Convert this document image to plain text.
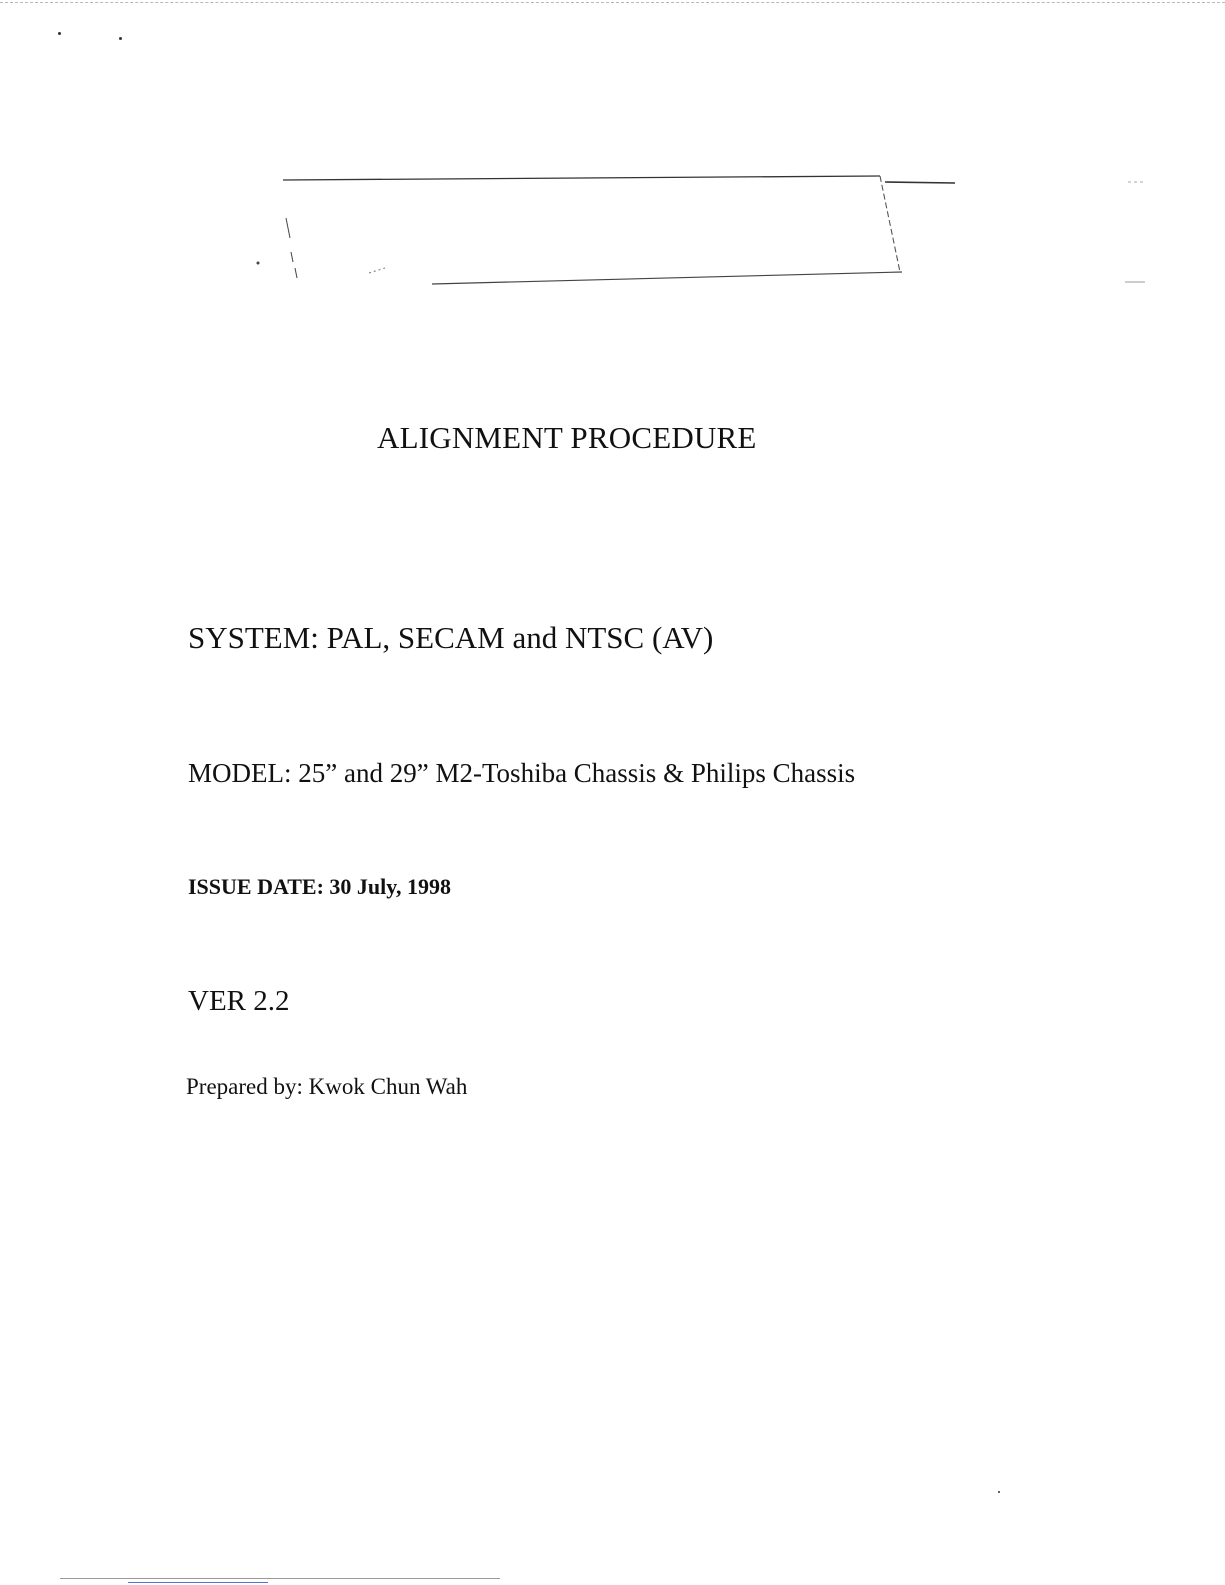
ALIGNMENT PROCEDURE
SYSTEM: PAL, SECAM and NTSC (AV)
MODEL: 25” and 29” M2-Toshiba Chassis & Philips Chassis
ISSUE DATE: 30 July, 1998
VER 2.2
Prepared by: Kwok Chun Wah
